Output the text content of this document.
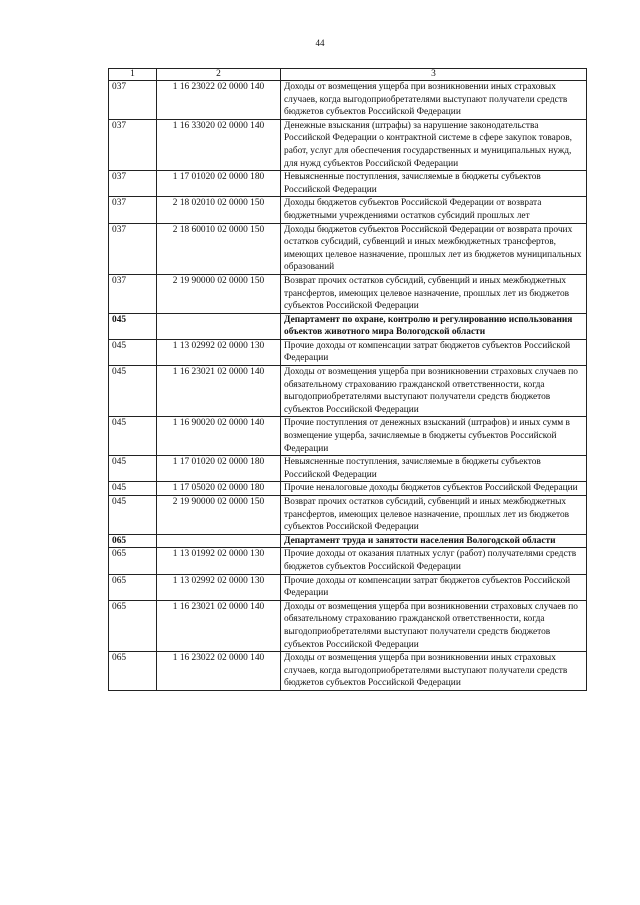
44
1	2	3
037	1 16 23022 02 0000 140	Доходы от возмещения ущерба при возникновении иных страховых случаев, когда выгодоприобретателями выступают получатели средств бюджетов субъектов Российской Федерации
037	1 16 33020 02 0000 140	Денежные взыскания (штрафы) за нарушение законодательства Российской Федерации о контрактной системе в сфере закупок товаров, работ, услуг для обеспечения государственных и муниципальных нужд, для нужд субъектов Российской Федерации
037	1 17 01020 02 0000 180	Невыясненные поступления, зачисляемые в бюджеты субъектов Российской Федерации
037	2 18 02010 02 0000 150	Доходы бюджетов субъектов Российской Федерации от возврата бюджетными учреждениями остатков субсидий прошлых лет
037	2 18 60010 02 0000 150	Доходы бюджетов субъектов Российской Федерации от возврата прочих остатков субсидий, субвенций и иных межбюджетных трансфертов, имеющих целевое назначение, прошлых лет из бюджетов муниципальных образований
037	2 19 90000 02 0000 150	Возврат прочих остатков субсидий, субвенций и иных межбюджетных трансфертов, имеющих целевое назначение, прошлых лет из бюджетов субъектов Российской Федерации
045		Департамент по охране, контролю и регулированию использования объектов животного мира Вологодской области
045	1 13 02992 02 0000 130	Прочие доходы от компенсации затрат бюджетов субъектов Российской Федерации
045	1 16 23021 02 0000 140	Доходы от возмещения ущерба при возникновении страховых случаев по обязательному страхованию гражданской ответственности, когда выгодоприобретателями выступают получатели средств бюджетов субъектов Российской Федерации
045	1 16 90020 02 0000 140	Прочие поступления от денежных взысканий (штрафов) и иных сумм в возмещение ущерба, зачисляемые в бюджеты субъектов Российской Федерации
045	1 17 01020 02 0000 180	Невыясненные поступления, зачисляемые в бюджеты субъектов Российской Федерации
045	1 17 05020 02 0000 180	Прочие неналоговые доходы бюджетов субъектов Российской Федерации
045	2 19 90000 02 0000 150	Возврат прочих остатков субсидий, субвенций и иных межбюджетных трансфертов, имеющих целевое назначение, прошлых лет из бюджетов субъектов Российской Федерации
065		Департамент труда и занятости населения Вологодской области
065	1 13 01992 02 0000 130	Прочие доходы от оказания платных услуг (работ) получателями средств бюджетов субъектов Российской Федерации
065	1 13 02992 02 0000 130	Прочие доходы от компенсации затрат бюджетов субъектов Российской Федерации
065	1 16 23021 02 0000 140	Доходы от возмещения ущерба при возникновении страховых случаев по обязательному страхованию гражданской ответственности, когда выгодоприобретателями выступают получатели средств бюджетов субъектов Российской Федерации
065	1 16 23022 02 0000 140	Доходы от возмещения ущерба при возникновении иных страховых случаев, когда выгодоприобретателями выступают получатели средств бюджетов субъектов Российской Федерации
